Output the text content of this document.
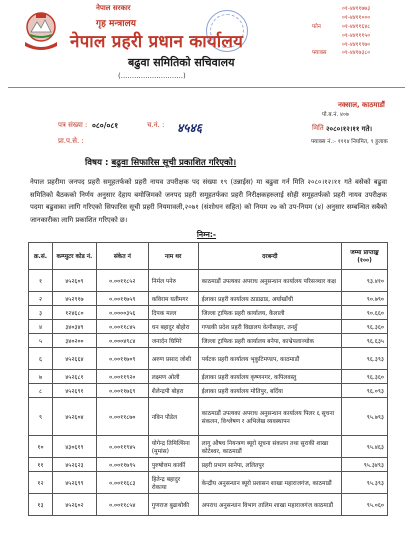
नेपाल सरकार
गृह मन्त्रालय
नेपाल प्रहरी प्रधान कार्यालय
बढुवा समितिको सचिवालय
(............................)
०१-४४११७७३
०१-४४११०००
फोन	०१-४४११६४८
०१-४४१११५०
०१-४४११९७०
फ्याक्स	०१-४४१७३८०
नक्साल, काठमाडौं
पो.ब.नं. ४०७
पत्र संख्या : ०८०/०८१	च.नं. : ४५४६	मिति २०८०।१२।११ गते।
प्रा.प.से. :	फ्याक्स नं.:- १११४ नियमित, ९ हुलाक
विषय : बढुवा सिफारिस सूची प्रकाशित गरिएको।
नेपाल प्रहरीमा जनपद प्रहरी समूहतर्फको प्रहरी नायव उपरीक्षक पद संख्या १९ (उन्नाईस) मा बढुवा गर्न मिति २०८०।१२।११ गते बसेको बढुवा समितिको बैठकको निर्णय अनुसार देहाय बमोजिमको जनपद प्रहरी समूहतर्फका प्रहरी निरीक्षकहरुलाई सोही समूहतर्फको प्रहरी नायव उपरीक्षक पदमा बढुवाका लागि गरिएको सिफारिस सूची प्रहरी नियमावली,२०७१ (संशोधन सहित) को नियम २७ को उप-नियम (४) अनुसार सम्बन्धित सबैको जानकारीका लागि प्रकाशित गरिएको छ।
निम्न:-
क्र.सं.	कम्प्युटर कोड नं.	संकेत नं	नाम थर	दरबन्दी	जम्मा प्राप्ताङ्क (१००)
१	४५२६०९	०.००११८५२	निर्मल पनेरु	काठमाडौं उपत्यका अपराध अनुसन्धान कार्यालय परिसञ्चार कक्ष	९३.४१०
२	४५२९१७	०.००११७५९	कविराम घतीमगर	ईलाका प्रहरी कार्यालय ठाडाढाड, अर्घाखाँची	९०.७९०
३	१२४६८०	०.००००३५६	दिपक मल्ल	जिल्ला ट्राफिक प्रहरी कार्यालय, कैलाली	९०.६६०
४	३४०३४९	०.००११८४५	धन बहादुर बोहोरा	गण्डकी प्रदेश प्रहरी विद्यालय वेत्नीसाहर, तनहुँ	९६.३६०
५	३४०२००	०.०००४९८४	जनार्दन घिमिरे	जिल्ला ट्राफिक प्रहरी कार्यालय बनेपा, काभ्रेपलाञ्चोक	९६.६३५
६	४५२६६४	०.००११७०९	अरुण प्रसाद जोशी	पर्यटक प्रहरी कार्यालय भृकुटिमण्डप, काठमाडौं	९६.३९३
७	४५२६८१	०.००११९२०	लक्ष्मण ओली	ईलाका प्रहरी कार्यालय कृष्णनगर, कपिलवस्तु	९६.३६०
८	४५२६९१	०.००११७६९	शैलेन्द्रपी बोहरा	ईलाका प्रहरी कार्यालय मोतिपुर, बर्दिया	९६.०९३
९	४५२६०४	०.००११८७०	नविन पौडेल	काठमाडौं उपत्यका अपराध अनुसन्धान कार्यालय पिलर ६ सूचना संकलन, विश्लेषण र अभिलेख व्यवस्थापन	९५.७९३
१०	४३०६१९	०.००११९४५	योगेन्द्र तिमिल्सिना (मुमांस)	लागु औषध नियन्त्रण ब्यूरो सूचना संकलन तथा सुराकी शाखा कोटेश्वर, काठमाडौं	९५.४६३
११	४५२६२३	०.००११७९५	पुरुषोत्तम कार्की	प्रहरी प्रभाग सानेपा, ललितपुर	९५.३४९३
१२	४५२६९९	०.००११६८३	हितेन्द्र बहादुर रोकाया	केन्द्रीय अनुसन्धान ब्यूरो प्रशासन शाखा महाराजगंज, काठमाडौं	९५.३९३
१३	४५२६०२	०.००११८५४	गुणराज बुढाथोकी	अपराध अनुसन्धान विभाग तालिम शाखा महाराजगंज काठमाडौं	९५.०६०
